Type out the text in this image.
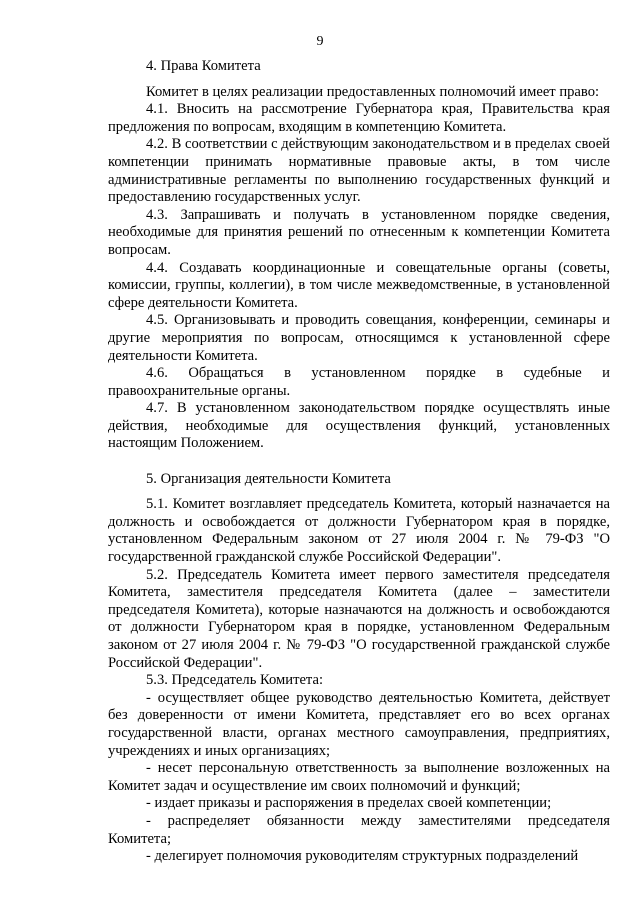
9

4. Права Комитета

Комитет в целях реализации предоставленных полномочий имеет право:

4.1. Вносить на рассмотрение Губернатора края, Правительства края предложения по вопросам, входящим в компетенцию Комитета.

4.2. В соответствии с действующим законодательством и в пределах своей компетенции принимать нормативные правовые акты, в том числе административные регламенты по выполнению государственных функций и предоставлению государственных услуг.

4.3. Запрашивать и получать в установленном порядке сведения, необходимые для принятия решений по отнесенным к компетенции Комитета вопросам.

4.4. Создавать координационные и совещательные органы (советы, комиссии, группы, коллегии), в том числе межведомственные, в установленной сфере деятельности Комитета.

4.5. Организовывать и проводить совещания, конференции, семинары и другие мероприятия по вопросам, относящимся к установленной сфере деятельности Комитета.

4.6. Обращаться в установленном порядке в судебные и правоохранительные органы.

4.7. В установленном законодательством порядке осуществлять иные действия, необходимые для осуществления функций, установленных настоящим Положением.

5. Организация деятельности Комитета

5.1. Комитет возглавляет председатель Комитета, который назначается на должность и освобождается от должности Губернатором края в порядке, установленном Федеральным законом от 27 июля 2004 г. № 79-ФЗ "О государственной гражданской службе Российской Федерации".

5.2. Председатель Комитета имеет первого заместителя председателя Комитета, заместителя председателя Комитета (далее – заместители председателя Комитета), которые назначаются на должность и освобождаются от должности Губернатором края в порядке, установленном Федеральным законом от 27 июля 2004 г. № 79-ФЗ "О государственной гражданской службе Российской Федерации".

5.3. Председатель Комитета:

- осуществляет общее руководство деятельностью Комитета, действует без доверенности от имени Комитета, представляет его во всех органах государственной власти, органах местного самоуправления, предприятиях, учреждениях и иных организациях;

- несет персональную ответственность за выполнение возложенных на Комитет задач и осуществление им своих полномочий и функций;

- издает приказы и распоряжения в пределах своей компетенции;

- распределяет обязанности между заместителями председателя Комитета;

- делегирует полномочия руководителям структурных подразделений
